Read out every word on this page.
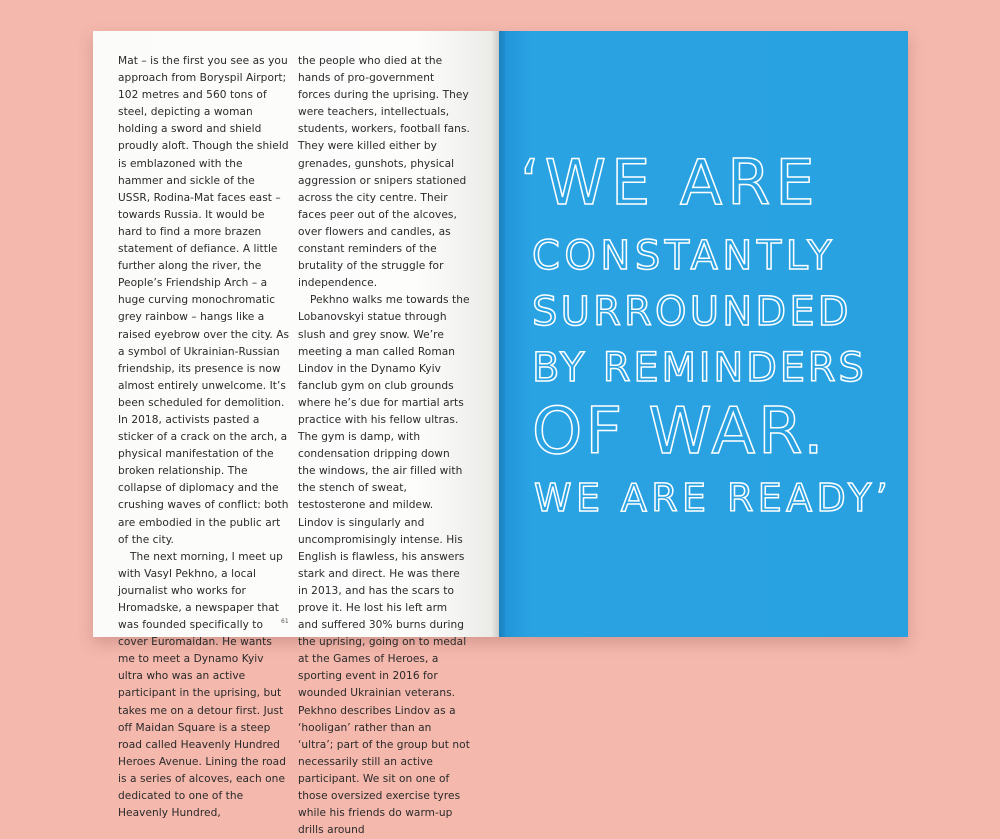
Mat – is the first you see as you approach from Boryspil Airport; 102 metres and 560 tons of steel, depicting a woman holding a sword and shield proudly aloft. Though the shield is emblazoned with the hammer and sickle of the USSR, Rodina-Mat faces east – towards Russia. It would be hard to find a more brazen statement of defiance. A little further along the river, the People’s Friendship Arch – a huge curving monochromatic grey rainbow – hangs like a raised eyebrow over the city. As a symbol of Ukrainian-Russian friendship, its presence is now almost entirely unwelcome. It’s been scheduled for demolition. In 2018, activists pasted a sticker of a crack on the arch, a physical manifestation of the broken relationship. The collapse of diplomacy and the crushing waves of conflict: both are embodied in the public art of the city.

The next morning, I meet up with Vasyl Pekhno, a local journalist who works for Hromadske, a newspaper that was founded specifically to cover Euromaidan. He wants me to meet a Dynamo Kyiv ultra who was an active participant in the uprising, but takes me on a detour first. Just off Maidan Square is a steep road called Heavenly Hundred Heroes Avenue. Lining the road is a series of alcoves, each one dedicated to one of the Heavenly Hundred,

the people who died at the hands of pro-government forces during the uprising. They were teachers, intellectuals, students, workers, football fans. They were killed either by grenades, gunshots, physical aggression or snipers stationed across the city centre. Their faces peer out of the alcoves, over flowers and candles, as constant reminders of the brutality of the struggle for independence.

Pekhno walks me towards the Lobanovskyi statue through slush and grey snow. We’re meeting a man called Roman Lindov in the Dynamo Kyiv fanclub gym on club grounds where he’s due for martial arts practice with his fellow ultras. The gym is damp, with condensation dripping down the windows, the air filled with the stench of sweat, testosterone and mildew. Lindov is singularly and uncompromisingly intense. His English is flawless, his answers stark and direct. He was there in 2013, and has the scars to prove it. He lost his left arm and suffered 30% burns during the uprising, going on to medal at the Games of Heroes, a sporting event in 2016 for wounded Ukrainian veterans. Pekhno describes Lindov as a ‘hooligan’ rather than an ‘ultra’; part of the group but not necessarily still an active participant. We sit on one of those oversized exercise tyres while his friends do warm-up drills around

61
‘WE ARE
CONSTANTLY
SURROUNDED
BY REMINDERS
OF WAR.
WE ARE READY’
